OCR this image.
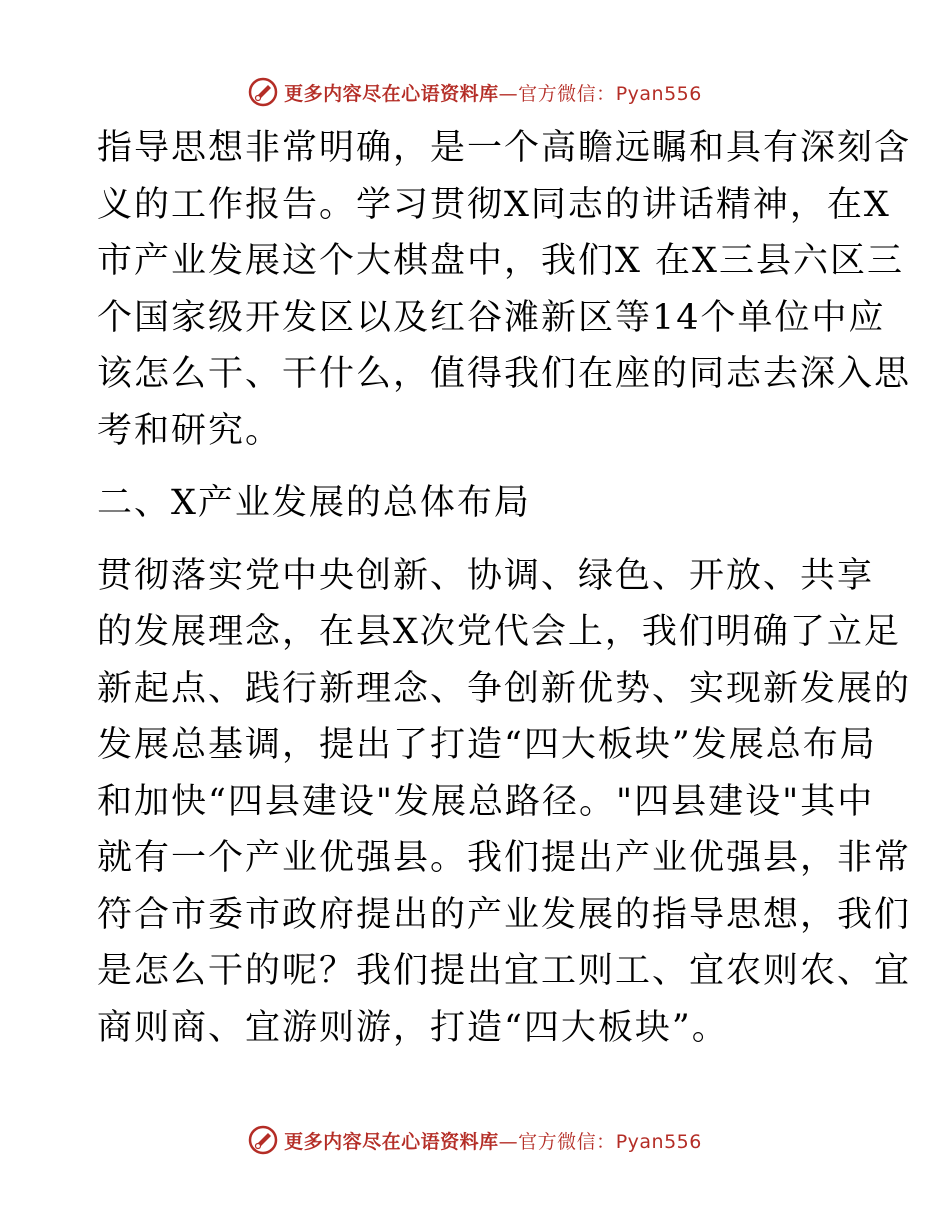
更多内容尽在心语资料库—官方微信：Pyan556
指导思想非常明确，是一个高瞻远瞩和具有深刻含
义的工作报告。学习贯彻X同志的讲话精神，在X
市产业发展这个大棋盘中，我们X 在X三县六区三
个国家级开发区以及红谷滩新区等14个单位中应
该怎么干、干什么，值得我们在座的同志去深入思
考和研究。
二、X产业发展的总体布局
贯彻落实党中央创新、协调、绿色、开放、共享
的发展理念，在县X次党代会上，我们明确了立足
新起点、践行新理念、争创新优势、实现新发展的
发展总基调，提出了打造“四大板块”发展总布局
和加快“四县建设"发展总路径。"四县建设"其中
就有一个产业优强县。我们提出产业优强县，非常
符合市委市政府提出的产业发展的指导思想，我们
是怎么干的呢？我们提出宜工则工、宜农则农、宜
商则商、宜游则游，打造“四大板块”。
更多内容尽在心语资料库—官方微信：Pyan556
